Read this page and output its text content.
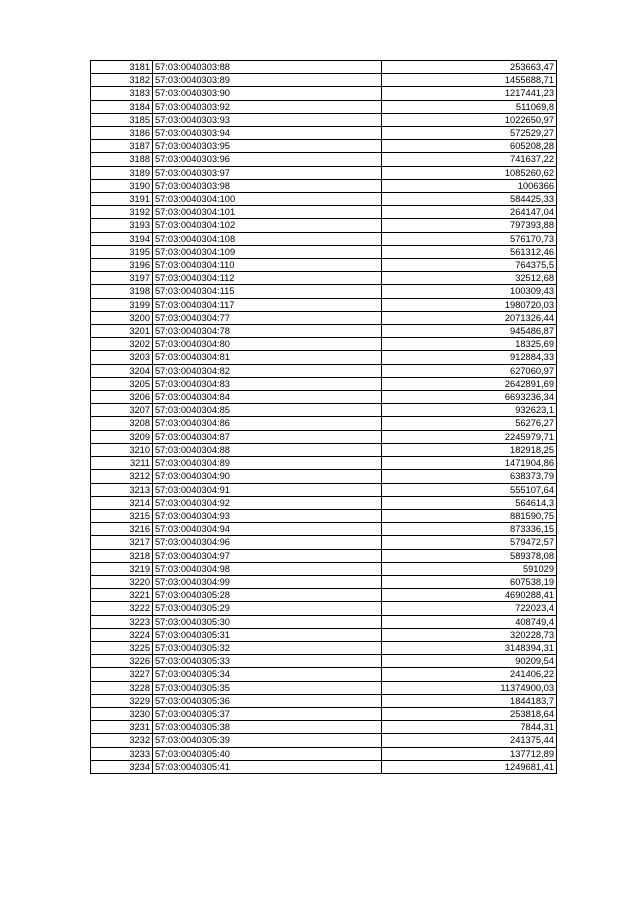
3181	57:03:0040303:88	253663,47
3182	57:03:0040303:89	1455688,71
3183	57:03:0040303:90	1217441,23
3184	57:03:0040303:92	511069,8
3185	57:03:0040303:93	1022650,97
3186	57:03:0040303:94	572529,27
3187	57:03:0040303:95	605208,28
3188	57:03:0040303:96	741637,22
3189	57:03:0040303:97	1085260,62
3190	57:03:0040303:98	1006366
3191	57:03:0040304:100	584425,33
3192	57:03:0040304:101	264147,04
3193	57:03:0040304:102	797393,88
3194	57:03:0040304:108	576170,73
3195	57:03:0040304:109	561312,46
3196	57:03:0040304:110	764375,5
3197	57:03:0040304:112	32512,68
3198	57:03:0040304:115	100309,43
3199	57:03:0040304:117	1980720,03
3200	57:03:0040304:77	2071326,44
3201	57:03:0040304:78	945486,87
3202	57:03:0040304:80	18325,69
3203	57:03:0040304:81	912884,33
3204	57:03:0040304:82	627060,97
3205	57:03:0040304:83	2642891,69
3206	57:03:0040304:84	6693236,34
3207	57:03:0040304:85	932623,1
3208	57:03:0040304:86	56276,27
3209	57:03:0040304:87	2245979,71
3210	57:03:0040304:88	182918,25
3211	57:03:0040304:89	1471904,86
3212	57:03:0040304:90	638373,79
3213	57:03:0040304:91	555107,64
3214	57:03:0040304:92	564614,3
3215	57:03:0040304:93	881590,75
3216	57:03:0040304:94	873336,15
3217	57:03:0040304:96	579472,57
3218	57:03:0040304:97	589378,08
3219	57:03:0040304:98	591029
3220	57:03:0040304:99	607538,19
3221	57:03:0040305:28	4690288,41
3222	57:03:0040305:29	722023,4
3223	57:03:0040305:30	408749,4
3224	57:03:0040305:31	320228,73
3225	57:03:0040305:32	3148394,31
3226	57:03:0040305:33	90209,54
3227	57:03:0040305:34	241406,22
3228	57:03:0040305:35	11374900,03
3229	57:03:0040305:36	1844183,7
3230	57:03:0040305:37	253818,64
3231	57:03:0040305:38	7844,31
3232	57:03:0040305:39	241375,44
3233	57:03:0040305:40	137712,89
3234	57:03:0040305:41	1249681,41
